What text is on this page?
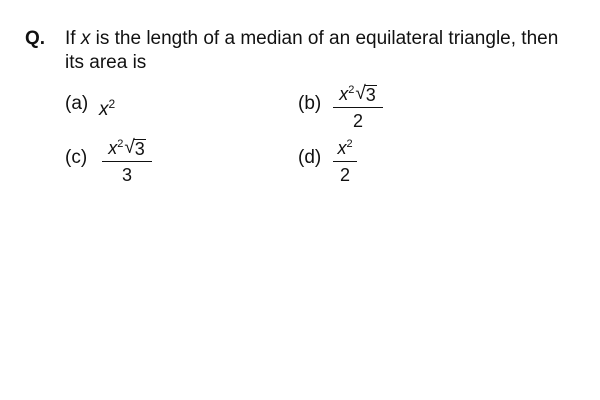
Q. If x is the length of a median of an equilateral triangle, then
its area is
(a) $x^2$	(b) $x^2√3$
2
(c)	$x^2√3$
3
(d) $x^2$
2
